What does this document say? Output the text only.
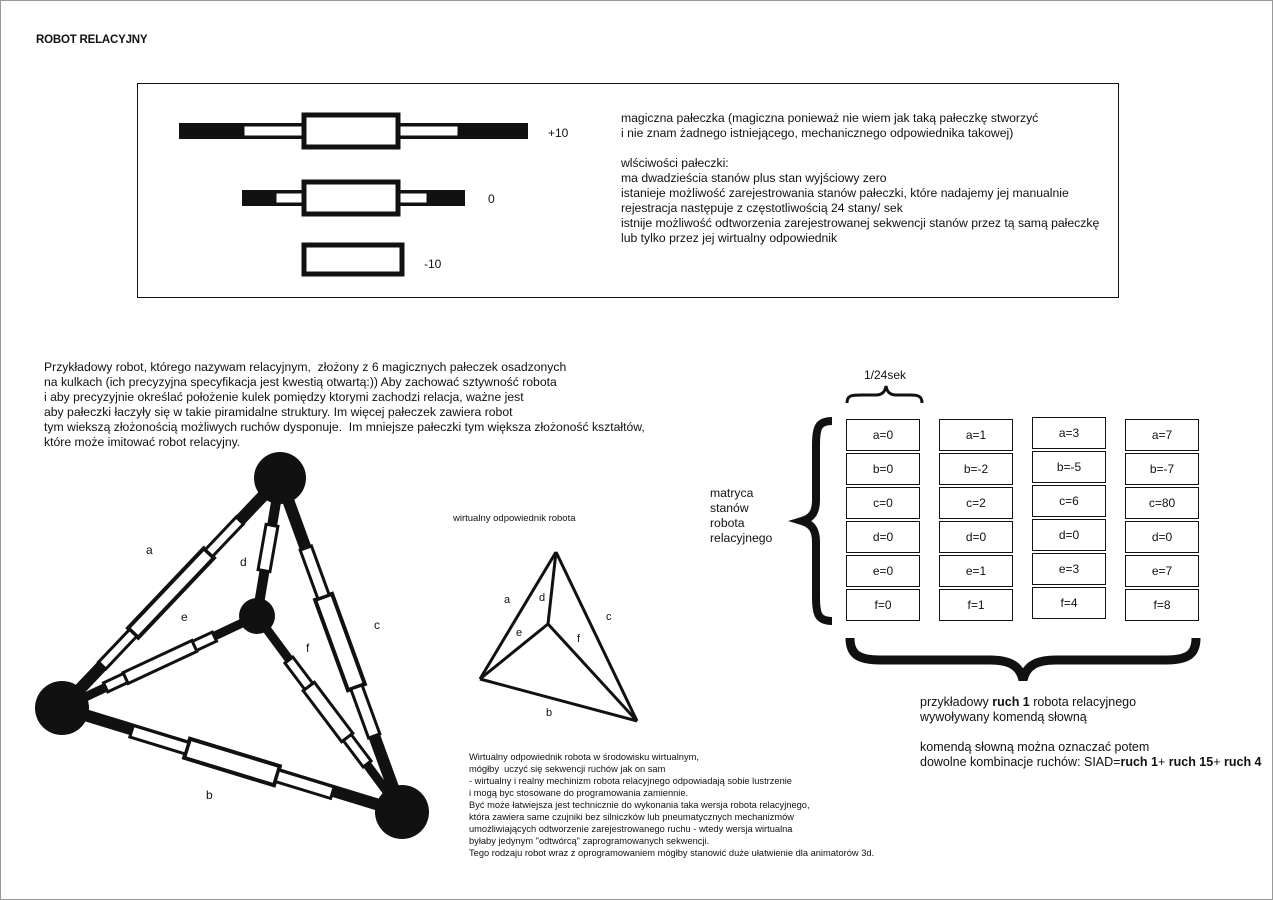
ROBOT RELACYJNY
+10
0
-10
magiczna pałeczka (magiczna ponieważ nie wiem jak taką pałeczkę stworzyć
i nie znam żadnego istniejącego, mechanicznego odpowiednika takowej)
wlściwości pałeczki:
ma dwadzieścia stanów plus stan wyjściowy zero
istanieje możliwość zarejestrowania stanów pałeczki, które nadajemy jej manualnie
rejestracja następuje z częstotliwością 24 stany/ sek
istnije możliwość odtworzenia zarejestrowanej sekwencji stanów przez tą samą pałeczkę
lub tylko przez jej wirtualny odpowiednik
Przykładowy robot, którego nazywam relacyjnym,  złożony z 6 magicznych pałeczek osadzonych
na kulkach (ich precyzyjna specyfikacja jest kwestią otwartą:)) Aby zachować sztywność robota
i aby precyzyjnie określać położenie kulek pomiędzy ktorymi zachodzi relacja, ważne jest
aby pałeczki łaczyły się w takie piramidalne struktury. Im więcej pałeczek zawiera robot
tym wiekszą złożonością możliwych ruchów dysponuje.  Im mniejsze pałeczki tym większa złożoność kształtów,
które może imitować robot relacyjny.
a
d
e
f
c
b
wirtualny odpowiednik robota
a	d
e	f
c
b
Wirtualny odpowiednik robota w środowisku wirtualnym,
mógłby  uczyć się sekwencji ruchów jak on sam
- wirtualny i realny mechinizm robota relacyjnego odpowiadają sobie lustrzenie
i mogą byc stosowane do programowania zamiennie.
Być może łatwiejsza jest technicznie do wykonania taka wersja robota relacyjnego,
która zawiera same czujniki bez silniczków lub pneumatycznych mechanizmów
umożliwiających odtworzenie zarejestrowanego ruchu - wtedy wersja wirtualna
byłaby jedynym "odtwórcą" zaprogramowanych sekwencji.
Tego rodzaju robot wraz z oprogramowaniem mógłby stanowić duże ułatwienie dla animatorów 3d.
1/24sek
matryca
stanów
robota
relacyjnego
a=0
b=0
c=0
d=0
e=0
f=0
a=1
b=-2
c=2
d=0
e=1
f=1
a=3
b=-5
c=6
d=0
e=3
f=4
a=7
b=-7
c=80
d=0
e=7
f=8
przykładowy ruch 1 robota relacyjnego
wywoływany komendą słowną
komendą słowną można oznaczać potem
dowolne kombinacje ruchów: SIAD=ruch 1+ ruch 15+ ruch 4
